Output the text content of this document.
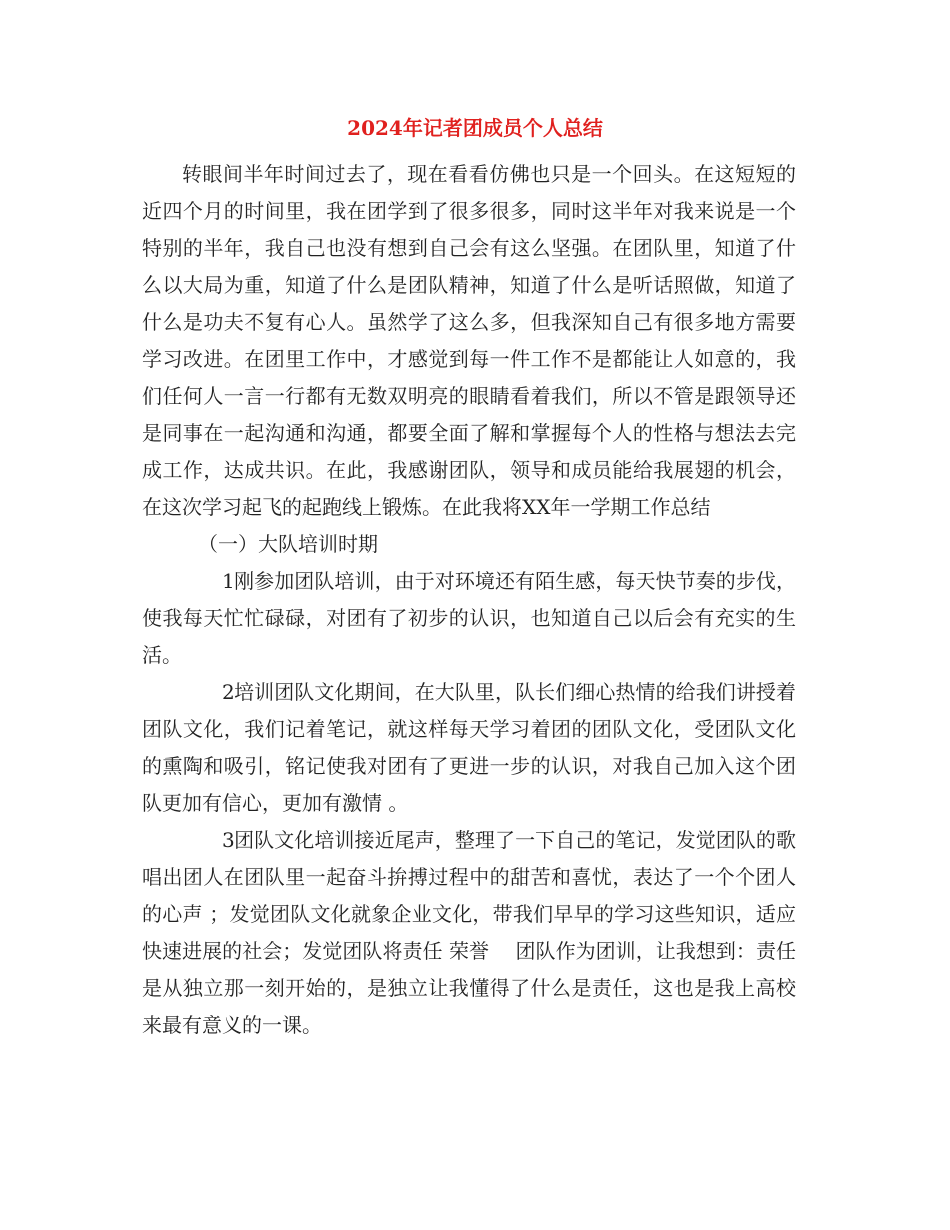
2024年记者团成员个人总结

转眼间半年时间过去了，现在看看仿佛也只是一个回头。在这短短的近四个月的时间里，我在团学到了很多很多，同时这半年对我来说是一个特别的半年，我自己也没有想到自己会有这么坚强。在团队里，知道了什么以大局为重，知道了什么是团队精神，知道了什么是听话照做，知道了什么是功夫不复有心人。虽然学了这么多，但我深知自己有很多地方需要学习改进。在团里工作中，才感觉到每一件工作不是都能让人如意的，我们任何人一言一行都有无数双明亮的眼睛看着我们，所以不管是跟领导还是同事在一起沟通和沟通，都要全面了解和掌握每个人的性格与想法去完成工作，达成共识。在此，我感谢团队，领导和成员能给我展翅的机会，在这次学习起飞的起跑线上锻炼。在此我将XX年一学期工作总结

（一）大队培训时期

1刚参加团队培训，由于对环境还有陌生感，每天快节奏的步伐，使我每天忙忙碌碌，对团有了初步的认识，也知道自己以后会有充实的生活。

2培训团队文化期间，在大队里，队长们细心热情的给我们讲授着团队文化，我们记着笔记，就这样每天学习着团的团队文化，受团队文化的熏陶和吸引，铭记使我对团有了更进一步的认识，对我自己加入这个团队更加有信心，更加有激情 。

3团队文化培训接近尾声，整理了一下自己的笔记，发觉团队的歌唱出团人在团队里一起奋斗拚搏过程中的甜苦和喜忧，表达了一个个团人的心声 ；发觉团队文化就象企业文化，带我们早早的学习这些知识，适应快速进展的社会；发觉团队将责任 荣誉　 团队作为团训，让我想到：责任是从独立那一刻开始的，是独立让我懂得了什么是责任，这也是我上高校来最有意义的一课。
